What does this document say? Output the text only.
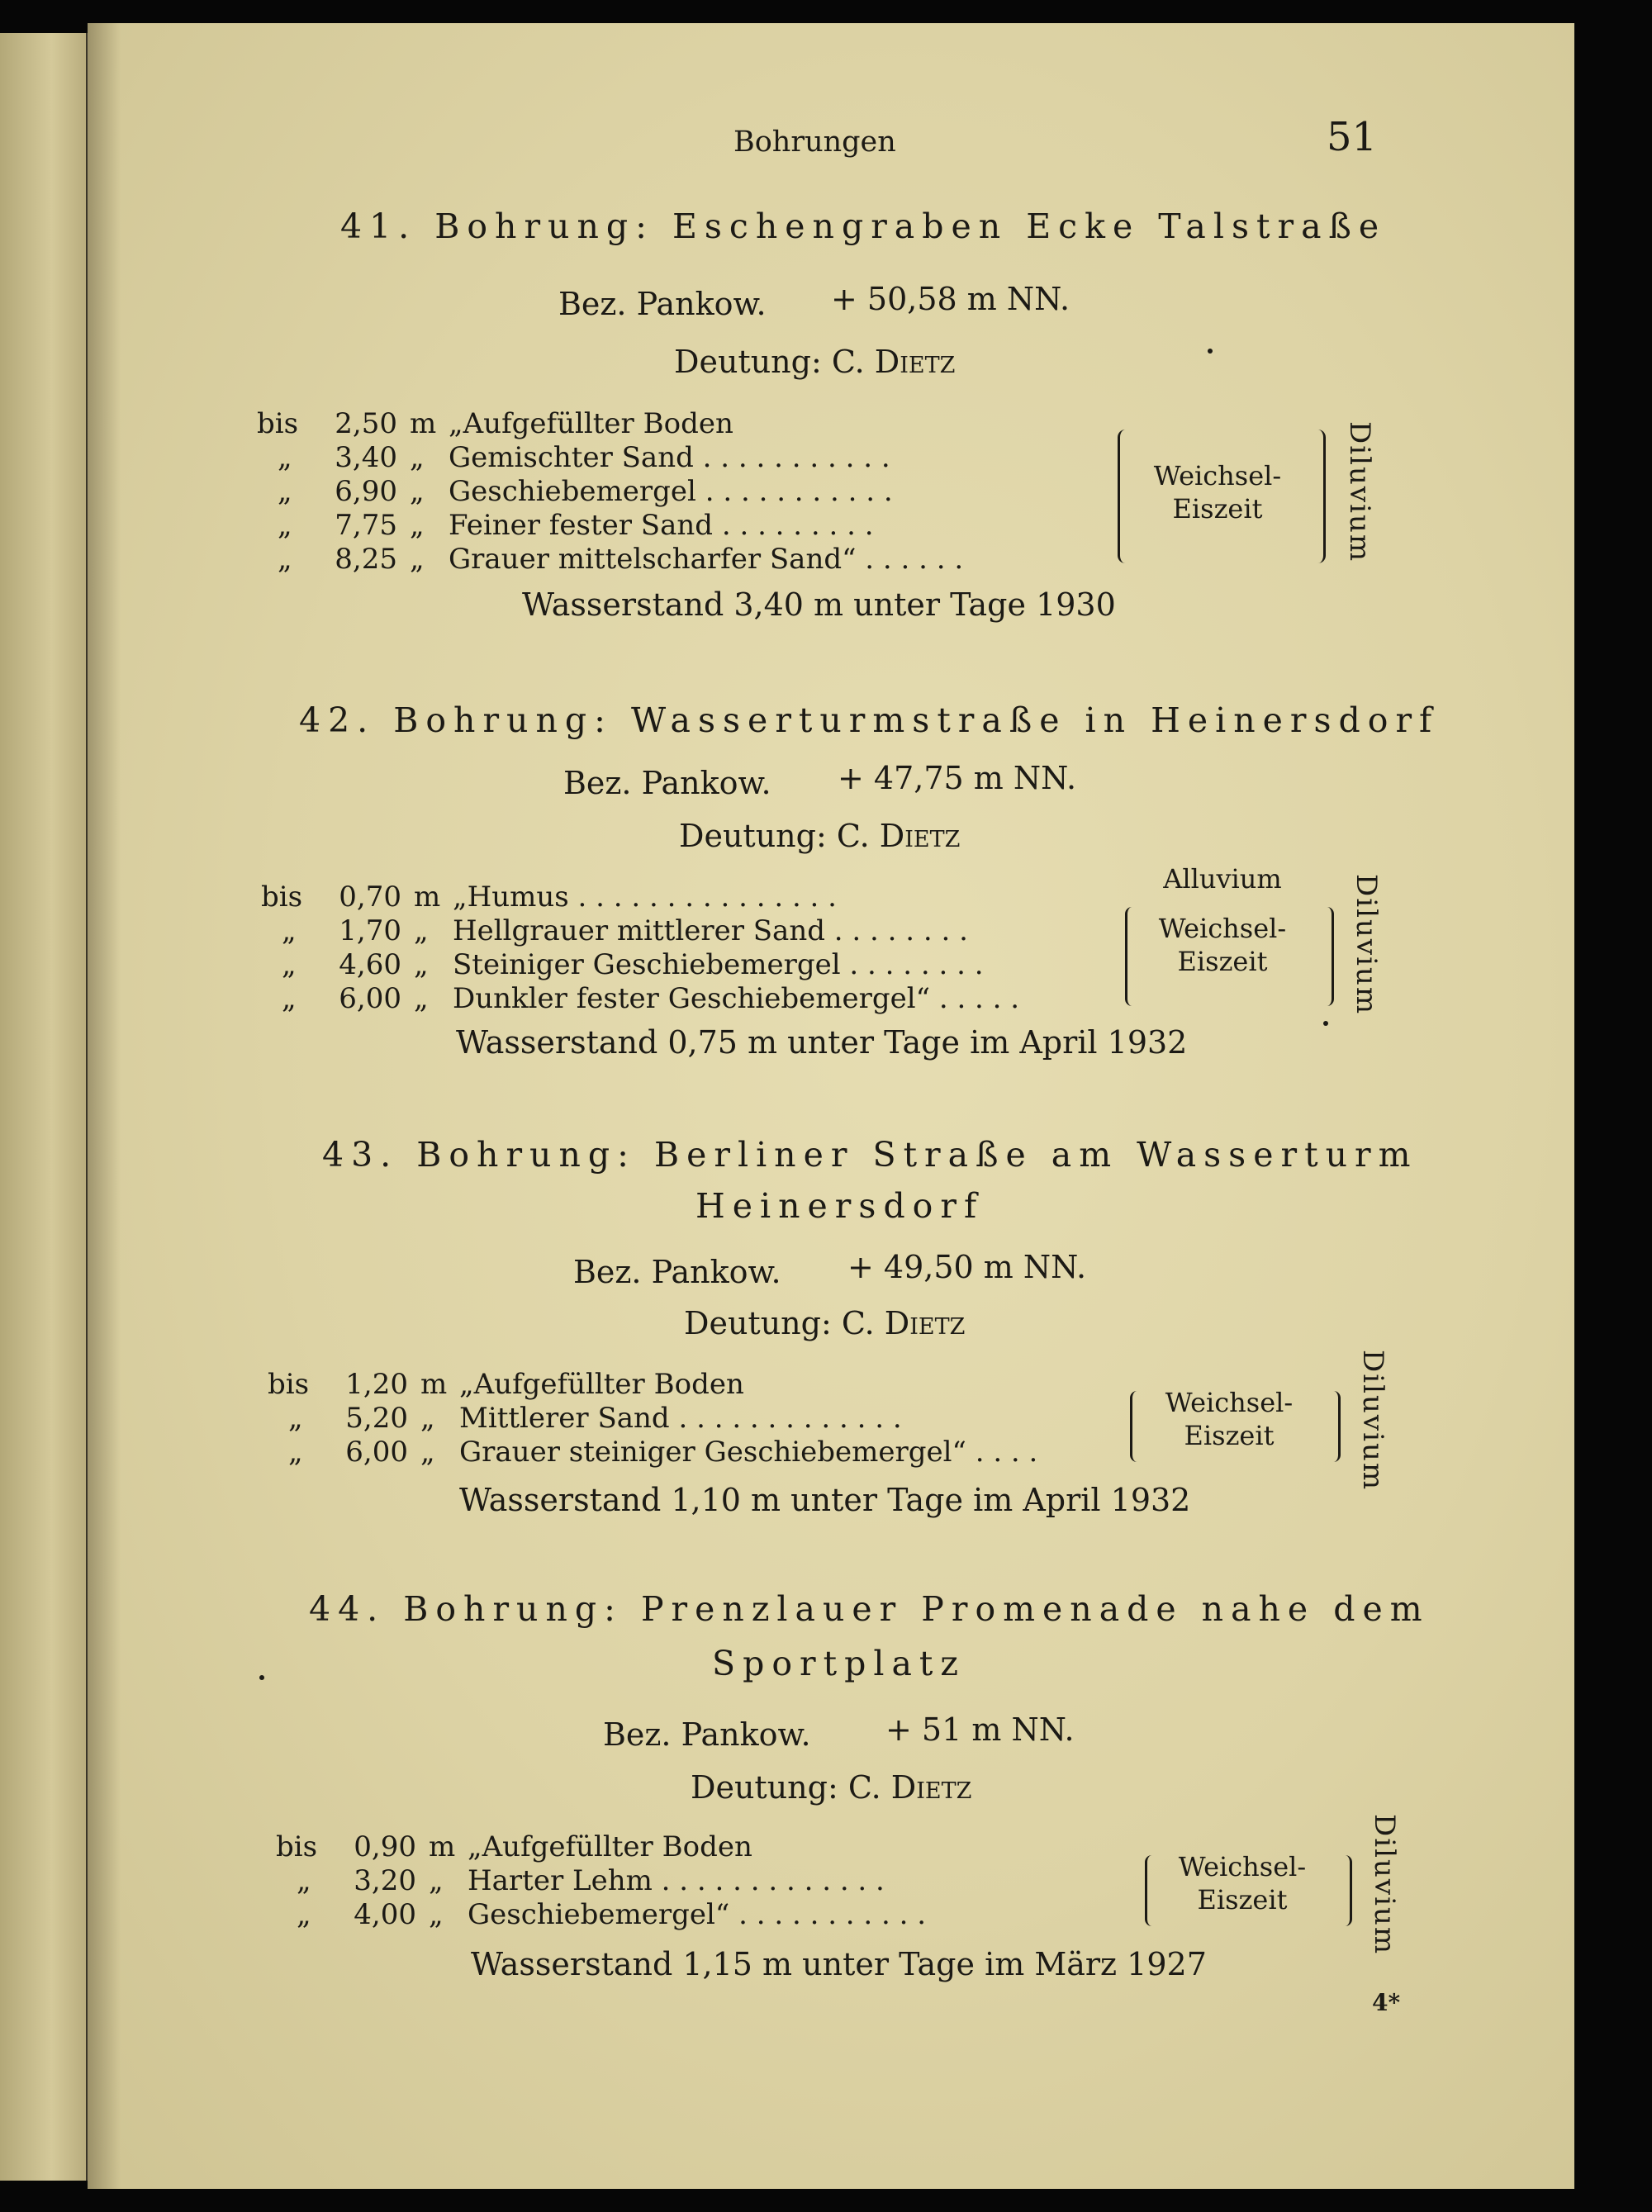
Bohrungen	51
41. Bohrung: Eschengraben Ecke Talstraße
Bez. Pankow. + 50,58 m NN.
Deutung: C. Dietz
bis	2,50 m „Aufgefüllter Boden
„	3,40 „ Gemischter Sand . . . . . . . . . . .
„	6,90 „ Geschiebemergel . . . . . . . . . . .
„	7,75 „ Feiner fester Sand . . . . . . . . .
„	8,25 „ Grauer mittelscharfer Sand“ . . . . . .
Weichsel-
Eiszeit	Diluvium
Wasserstand 3,40 m unter Tage 1930
42. Bohrung: Wasserturmstraße in Heinersdorf
Bez. Pankow. + 47,75 m NN.
Deutung: C. Dietz
Alluvium
bis	0,70 m „Humus . . . . . . . . . . . . . . .
„	1,70 „ Hellgrauer mittlerer Sand . . . . . . . .
„	4,60 „ Steiniger Geschiebemergel . . . . . . . .
„	6,00 „ Dunkler fester Geschiebemergel“ . . . . .
Weichsel-
Eiszeit	Diluvium
Wasserstand 0,75 m unter Tage im April 1932
43. Bohrung: Berliner Straße am Wasserturm
Heinersdorf
Bez. Pankow. + 49,50 m NN.
Deutung: C. Dietz
bis	1,20 m „Aufgefüllter Boden
„	5,20 „ Mittlerer Sand . . . . . . . . . . . . .
„	6,00 „ Grauer steiniger Geschiebemergel“ . . . .
Weichsel-
Eiszeit	Diluvium
Wasserstand 1,10 m unter Tage im April 1932
44. Bohrung: Prenzlauer Promenade nahe dem
Sportplatz
Bez. Pankow. + 51 m NN.
Deutung: C. Dietz
bis	0,90 m „Aufgefüllter Boden
„	3,20 „ Harter Lehm . . . . . . . . . . . . .
„	4,00 „ Geschiebemergel“ . . . . . . . . . . .
Weichsel-
Eiszeit	Diluvium
Wasserstand 1,15 m unter Tage im März 1927
4*
